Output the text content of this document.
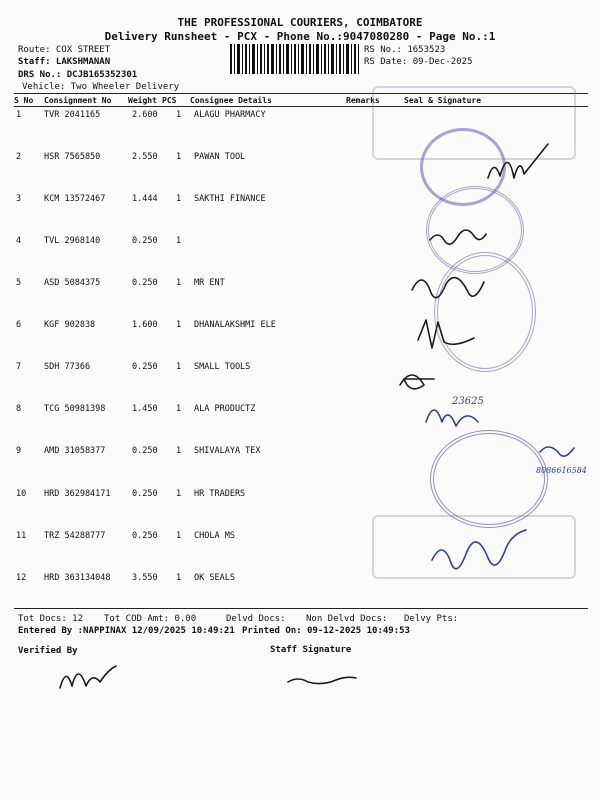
THE PROFESSIONAL COURIERS, COIMBATORE
Delivery Runsheet - PCX - Phone No.:9047080280 - Page No.:1
Route: COX STREET
Staff: LAKSHMANAN
DRS No.: DCJB165352301
Vehicle: Two Wheeler Delivery
RS No.: 1653523
RS Date: 09-Dec-2025
S No Consignment No Weight PCS Consignee Details	Remarks	Seal & Signature
1	TVR 2041165	2.600 1 ALAGU PHARMACY
2	HSR 7565850	2.550 1 PAWAN TOOL
3	KCM 13572467	1.444 1 SAKTHI FINANCE
4	TVL 2968140	0.250 1
5	ASD 5084375	0.250 1 MR ENT
6	KGF 902838	1.600 1 DHANALAKSHMI ELE
7	SDH 77366	0.250 1 SMALL TOOLS
8	TCG 50981398	1.450 1 ALA PRODUCTZ
9	AMD 31058377	0.250 1 SHIVALAYA TEX
10 HRD 362984171	0.250 1 HR TRADERS
11 TRZ 54288777	0.250 1 CHOLA MS
12 HRD 363134048	3.550 1 OK SEALS
23625
8086616584
Tot Docs: 12 Tot COD Amt: 0.00	Delvd Docs: Non Delvd Docs: Delvy Pts:
Entered By :NAPPINAX 12/09/2025 10:49:21 Printed On: 09-12-2025 10:49:53
Verified By	Staff Signature
